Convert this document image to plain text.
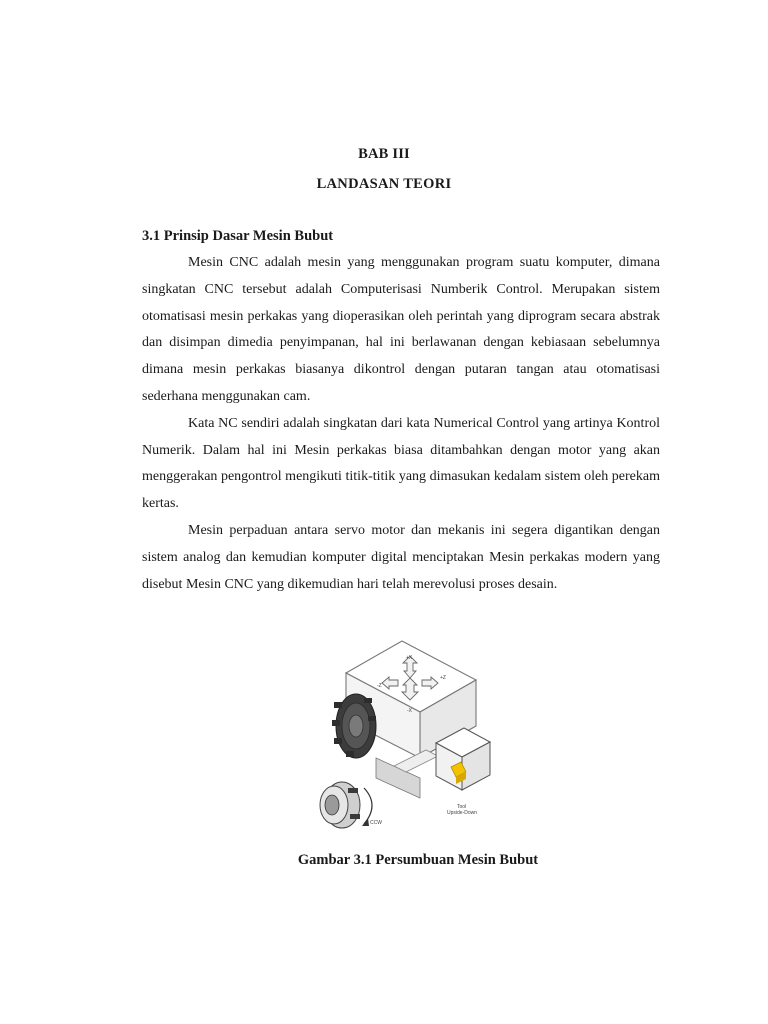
BAB III
LANDASAN TEORI
3.1 Prinsip Dasar Mesin Bubut

Mesin CNC adalah mesin yang menggunakan program suatu komputer, dimana singkatan CNC tersebut adalah Computerisasi Numberik Control. Merupakan sistem otomatisasi mesin perkakas yang dioperasikan oleh perintah yang diprogram secara abstrak dan disimpan dimedia penyimpanan, hal ini berlawanan dengan kebiasaan sebelumnya dimana mesin perkakas biasanya dikontrol dengan putaran tangan atau otomatisasi sederhana menggunakan cam.

Kata NC sendiri adalah singkatan dari kata Numerical Control yang artinya Kontrol Numerik. Dalam hal ini Mesin perkakas biasa ditambahkan dengan motor yang akan menggerakan pengontrol mengikuti titik-titik yang dimasukan kedalam sistem oleh perekam kertas.

Mesin perpaduan antara servo motor dan mekanis ini segera digantikan dengan sistem analog dan kemudian komputer digital menciptakan Mesin perkakas modern yang disebut Mesin CNC yang dikemudian hari telah merevolusi proses desain.

+X
-X
+Z
-Z
Tool
Upside-Down
CCW
Gambar 3.1 Persumbuan Mesin Bubut
